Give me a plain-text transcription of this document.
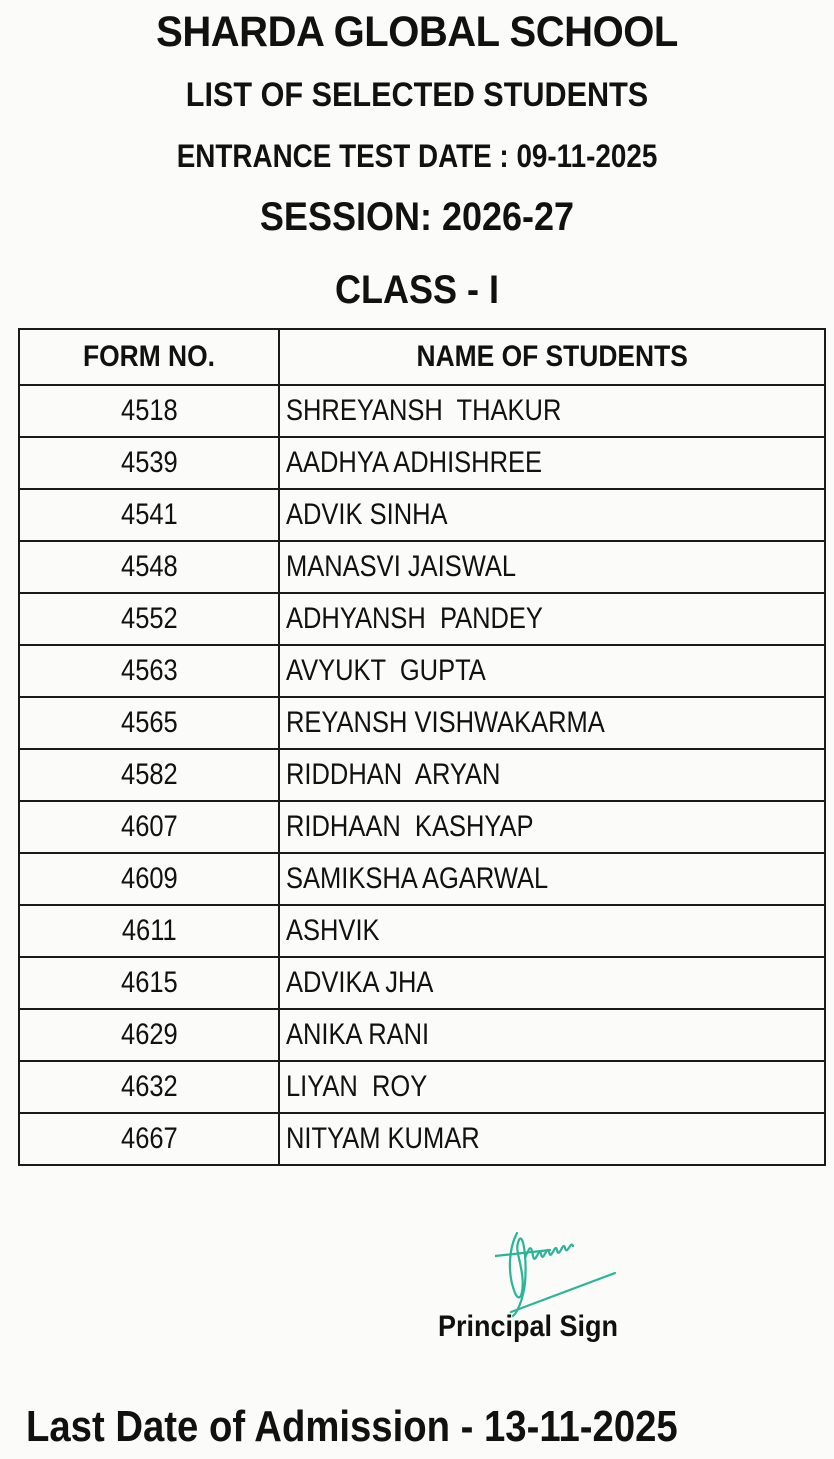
SHARDA GLOBAL SCHOOL
LIST OF SELECTED STUDENTS
ENTRANCE TEST DATE : 09-11-2025
SESSION: 2026-27
CLASS - I
FORM NO.	NAME OF STUDENTS
4518	SHREYANSH  THAKUR
4539	AADHYA ADHISHREE
4541	ADVIK SINHA
4548	MANASVI JAISWAL
4552	ADHYANSH  PANDEY
4563	AVYUKT  GUPTA
4565	REYANSH VISHWAKARMA
4582	RIDDHAN  ARYAN
4607	RIDHAAN  KASHYAP
4609	SAMIKSHA AGARWAL
4611	ASHVIK
4615	ADVIKA JHA
4629	ANIKA RANI
4632	LIYAN  ROY
4667	NITYAM KUMAR
Principal Sign
Last Date of Admission - 13-11-2025
